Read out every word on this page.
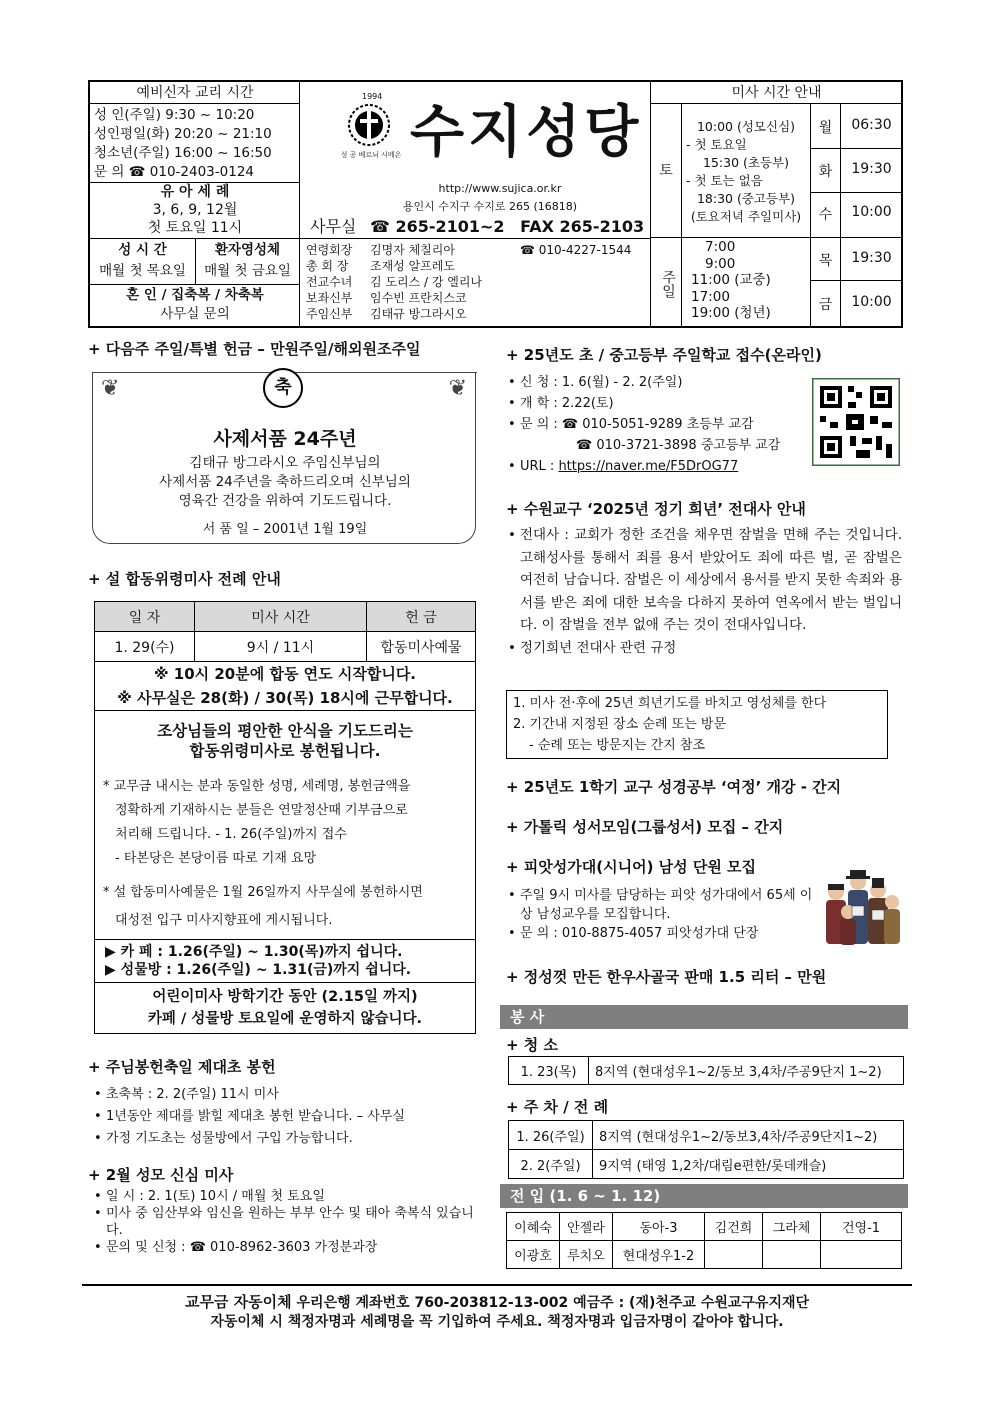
예비신자 교리 시간
성 인(주일) 9:30 ~ 10:20
성인평일(화) 20:20 ~ 21:10
청소년(주일) 16:00 ~ 16:50
문 의 ☎ 010-2403-0124
유 아 세 례
3, 6, 9, 12월
첫 토요일 11시
성 시 간
매월 첫 목요일
환자영성체
매월 첫 금요일
혼 인 / 집축복 / 차축복
사무실 문의
1994
성 공 베르뇌 시메온 수지성당
http://www.sujica.or.kr
용인시 수지구 수지로 265 (16818)
사무실 ☎ 265-2101~2 FAX 265-2103
연령회장 김명자 체칠리아	☎ 010-4227-1544
총 회 장 조재성 알프레도
전교수녀 김 도리스 / 강 엘리나
보좌신부 임수빈 프란치스코
주임신부 김태규 방그라시오
미사 시간 안내
토
10:00 (성모신심)
- 첫 토요일
15:30 (초등부)
- 첫 토는 없음
18:30 (중고등부)
(토요저녁 주일미사)
주일
7:00
9:00
11:00 (교중)
17:00
19:00 (청년)
월	06:30
화	19:30
수	10:00
목	19:30
금	10:00
+ 다음주 주일/특별 헌금 – 만원주일/해외원조주일
축
❦	❦
사제서품 24주년
김태규 방그라시오 주임신부님의
사제서품 24주년을 축하드리오며 신부님의
영육간 건강을 위하여 기도드립니다.
서 품 일 – 2001년 1월 19일
+ 설 합동위령미사 전례 안내
일 자	미사 시간	헌 금
1. 29(수)	9시 / 11시	합동미사예물
※ 10시 20분에 합동 연도 시작합니다.
※ 사무실은 28(화) / 30(목) 18시에 근무합니다.
조상님들의 평안한 안식을 기도드리는
합동위령미사로 봉헌됩니다.
* 교무금 내시는 분과 동일한 성명, 세례명, 봉헌금액을
정확하게 기재하시는 분들은 연말정산때 기부금으로
처리해 드립니다. - 1. 26(주일)까지 접수
- 타본당은 본당이름 따로 기재 요망
* 설 합동미사예물은 1월 26일까지 사무실에 봉헌하시면
대성전 입구 미사지향표에 게시됩니다.
▶ 카 페 : 1.26(주일) ~ 1.30(목)까지 쉽니다.
▶ 성물방 : 1.26(주일) ~ 1.31(금)까지 쉽니다.
어린이미사 방학기간 동안 (2.15일 까지)
카페 / 성물방 토요일에 운영하지 않습니다.
+ 주님봉헌축일 제대초 봉헌
• 초축복 : 2. 2(주일) 11시 미사
• 1년동안 제대를 밝힐 제대초 봉헌 받습니다. – 사무실
• 가정 기도초는 성물방에서 구입 가능합니다.
+ 2월 성모 신심 미사
• 일 시 : 2. 1(토) 10시 / 매월 첫 토요일
• 미사 중 임산부와 임신을 원하는 부부 안수 및 태아 축복식 있습니다.
• 문의 및 신청 : ☎ 010-8962-3603 가정분과장
+ 25년도 초 / 중고등부 주일학교 접수(온라인)
• 신 청 : 1. 6(월) - 2. 2(주일)
• 개 학 : 2.22(토)
• 문 의 : ☎ 010-5051-9289 초등부 교감
☎ 010-3721-3898 중고등부 교감
• URL : https://naver.me/F5DrOG77
+ 수원교구 ‘2025년 정기 희년’ 전대사 안내
• 전대사 : 교회가 정한 조건을 채우면 잠벌을 면해 주는 것입니다. 고해성사를 통해서 죄를 용서 받았어도 죄에 따른 벌, 곧 잠벌은 여전히 남습니다. 잠벌은 이 세상에서 용서를 받지 못한 속죄와 용서를 받은 죄에 대한 보속을 다하지 못하여 연옥에서 받는 벌입니다. 이 잠벌을 전부 없애 주는 것이 전대사입니다.
• 정기희년 전대사 관련 규정
1. 미사 전·후에 25년 희년기도를 바치고 영성체를 한다
2. 기간내 지정된 장소 순례 또는 방문
- 순례 또는 방문지는 간지 참조
+ 25년도 1학기 교구 성경공부 ‘여정’ 개강 - 간지
+ 가톨릭 성서모임(그룹성서) 모집 – 간지
+ 피앗성가대(시니어) 남성 단원 모집
• 주일 9시 미사를 담당하는 피앗 성가대에서 65세 이상 남성교우를 모집합니다.
• 문 의 : 010-8875-4057 피앗성가대 단장
+ 정성껏 만든 한우사골국 판매 1.5 리터 – 만원
봉 사
+ 청 소
1. 23(목)	8지역 (현대성우1~2/동보 3,4차/주공9단지 1~2)
+ 주 차 / 전 례
1. 26(주일)	8지역 (현대성우1~2/동보3,4차/주공9단지1~2)
2. 2(주일)	9지역 (태영 1,2차/대림e편한/롯데캐슬)
전 입 (1. 6 ~ 1. 12)
이혜숙	안젤라	동아-3	김건희	그라체	건영-1
이광호	루치오	현대성우1-2			
교무금 자동이체 우리은행 계좌번호 760-203812-13-002 예금주 : (재)천주교 수원교구유지재단
자동이체 시 책정자명과 세례명을 꼭 기입하여 주세요. 책정자명과 입금자명이 같아야 합니다.
